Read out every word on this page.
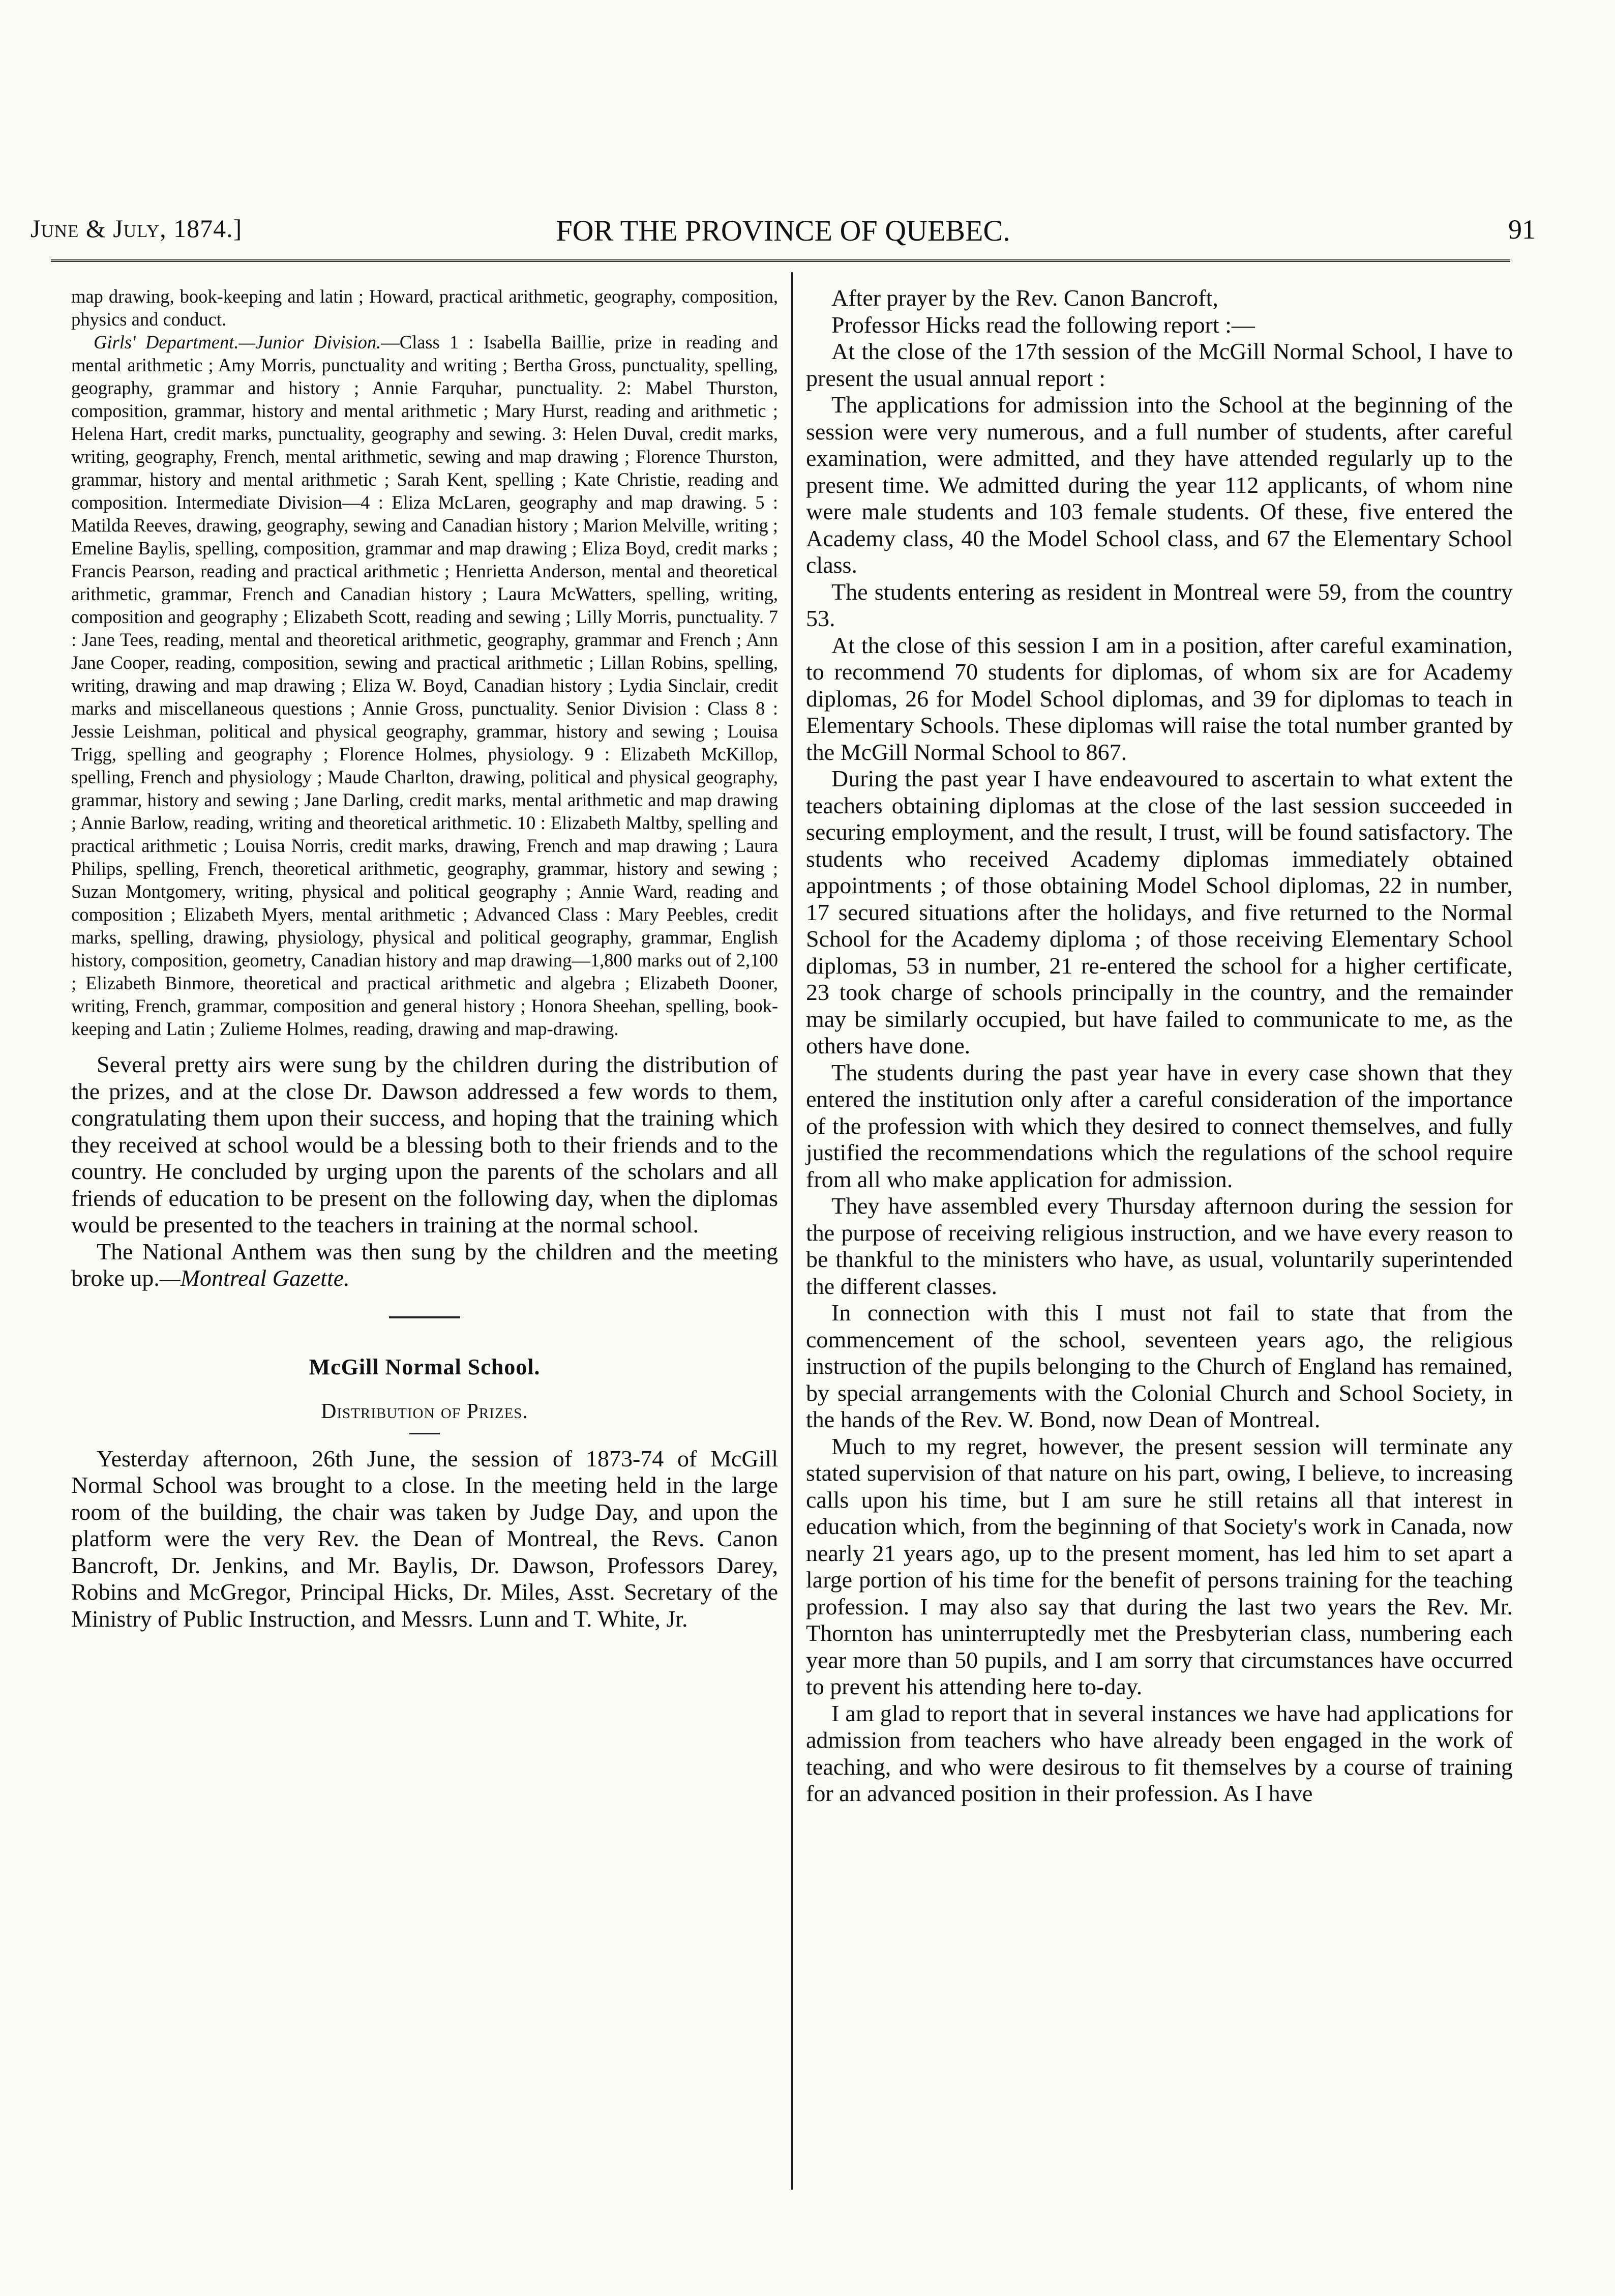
June & July, 1874.]	FOR THE PROVINCE OF QUEBEC.	91

map drawing, book-keeping and latin ; Howard, practical arithmetic, geography, composition, physics and conduct.

Girls' Department.—Junior Division.—Class 1 : Isabella Baillie, prize in reading and mental arithmetic ; Amy Morris, punctuality and writing ; Bertha Gross, punctuality, spelling, geography, grammar and history ; Annie Farquhar, punctuality. 2: Mabel Thurston, composition, grammar, history and mental arithmetic ; Mary Hurst, reading and arithmetic ; Helena Hart, credit marks, punctuality, geography and sewing. 3: Helen Duval, credit marks, writing, geography, French, mental arithmetic, sewing and map drawing ; Florence Thurston, grammar, history and mental arithmetic ; Sarah Kent, spelling ; Kate Christie, reading and composition. Intermediate Division—4 : Eliza McLaren, geography and map drawing. 5 : Matilda Reeves, drawing, geography, sewing and Canadian history ; Marion Melville, writing ; Emeline Baylis, spelling, composition, grammar and map drawing ; Eliza Boyd, credit marks ; Francis Pearson, reading and practical arithmetic ; Henrietta Anderson, mental and theoretical arithmetic, grammar, French and Canadian history ; Laura McWatters, spelling, writing, composition and geography ; Elizabeth Scott, reading and sewing ; Lilly Morris, punctuality. 7 : Jane Tees, reading, mental and theoretical arithmetic, geography, grammar and French ; Ann Jane Cooper, reading, composition, sewing and practical arithmetic ; Lillan Robins, spelling, writing, drawing and map drawing ; Eliza W. Boyd, Canadian history ; Lydia Sinclair, credit marks and miscellaneous questions ; Annie Gross, punctuality. Senior Division : Class 8 : Jessie Leishman, political and physical geography, grammar, history and sewing ; Louisa Trigg, spelling and geography ; Florence Holmes, physiology. 9 : Elizabeth McKillop, spelling, French and physiology ; Maude Charlton, drawing, political and physical geography, grammar, history and sewing ; Jane Darling, credit marks, mental arithmetic and map drawing ; Annie Barlow, reading, writing and theoretical arithmetic. 10 : Elizabeth Maltby, spelling and practical arithmetic ; Louisa Norris, credit marks, drawing, French and map drawing ; Laura Philips, spelling, French, theoretical arithmetic, geography, grammar, history and sewing ; Suzan Montgomery, writing, physical and political geography ; Annie Ward, reading and composition ; Elizabeth Myers, mental arithmetic ; Advanced Class : Mary Peebles, credit marks, spelling, drawing, physiology, physical and political geography, grammar, English history, composition, geometry, Canadian history and map drawing—1,800 marks out of 2,100 ; Elizabeth Binmore, theoretical and practical arithmetic and algebra ; Elizabeth Dooner, writing, French, grammar, composition and general history ; Honora Sheehan, spelling, book-keeping and Latin ; Zulieme Holmes, reading, drawing and map-drawing.

Several pretty airs were sung by the children during the distribution of the prizes, and at the close Dr. Dawson addressed a few words to them, congratulating them upon their success, and hoping that the training which they received at school would be a blessing both to their friends and to the country. He concluded by urging upon the parents of the scholars and all friends of education to be present on the following day, when the diplomas would be presented to the teachers in training at the normal school.

The National Anthem was then sung by the children and the meeting broke up.—Montreal Gazette.

McGill Normal School.

Distribution of Prizes.

Yesterday afternoon, 26th June, the session of 1873-74 of McGill Normal School was brought to a close. In the meeting held in the large room of the building, the chair was taken by Judge Day, and upon the platform were the very Rev. the Dean of Montreal, the Revs. Canon Bancroft, Dr. Jenkins, and Mr. Baylis, Dr. Dawson, Professors Darey, Robins and McGregor, Principal Hicks, Dr. Miles, Asst. Secretary of the Ministry of Public Instruction, and Messrs. Lunn and T. White, Jr.

After prayer by the Rev. Canon Bancroft,

Professor Hicks read the following report :—

At the close of the 17th session of the McGill Normal School, I have to present the usual annual report :

The applications for admission into the School at the beginning of the session were very numerous, and a full number of students, after careful examination, were admitted, and they have attended regularly up to the present time. We admitted during the year 112 applicants, of whom nine were male students and 103 female students. Of these, five entered the Academy class, 40 the Model School class, and 67 the Elementary School class.

The students entering as resident in Montreal were 59, from the country 53.

At the close of this session I am in a position, after careful examination, to recommend 70 students for diplomas, of whom six are for Academy diplomas, 26 for Model School diplomas, and 39 for diplomas to teach in Elementary Schools. These diplomas will raise the total number granted by the McGill Normal School to 867.

During the past year I have endeavoured to ascertain to what extent the teachers obtaining diplomas at the close of the last session succeeded in securing employment, and the result, I trust, will be found satisfactory. The students who received Academy diplomas immediately obtained appointments ; of those obtaining Model School diplomas, 22 in number, 17 secured situations after the holidays, and five returned to the Normal School for the Academy diploma ; of those receiving Elementary School diplomas, 53 in number, 21 re-entered the school for a higher certificate, 23 took charge of schools principally in the country, and the remainder may be similarly occupied, but have failed to communicate to me, as the others have done.

The students during the past year have in every case shown that they entered the institution only after a careful consideration of the importance of the profession with which they desired to connect themselves, and fully justified the recommendations which the regulations of the school require from all who make application for admission.

They have assembled every Thursday afternoon during the session for the purpose of receiving religious instruction, and we have every reason to be thankful to the ministers who have, as usual, voluntarily superintended the different classes.

In connection with this I must not fail to state that from the commencement of the school, seventeen years ago, the religious instruction of the pupils belonging to the Church of England has remained, by special arrangements with the Colonial Church and School Society, in the hands of the Rev. W. Bond, now Dean of Montreal.

Much to my regret, however, the present session will terminate any stated supervision of that nature on his part, owing, I believe, to increasing calls upon his time, but I am sure he still retains all that interest in education which, from the beginning of that Society's work in Canada, now nearly 21 years ago, up to the present moment, has led him to set apart a large portion of his time for the benefit of persons training for the teaching profession. I may also say that during the last two years the Rev. Mr. Thornton has uninterruptedly met the Presbyterian class, numbering each year more than 50 pupils, and I am sorry that circumstances have occurred to prevent his attending here to-day.

I am glad to report that in several instances we have had applications for admission from teachers who have already been engaged in the work of teaching, and who were desirous to fit themselves by a course of training for an advanced position in their profession. As I have
